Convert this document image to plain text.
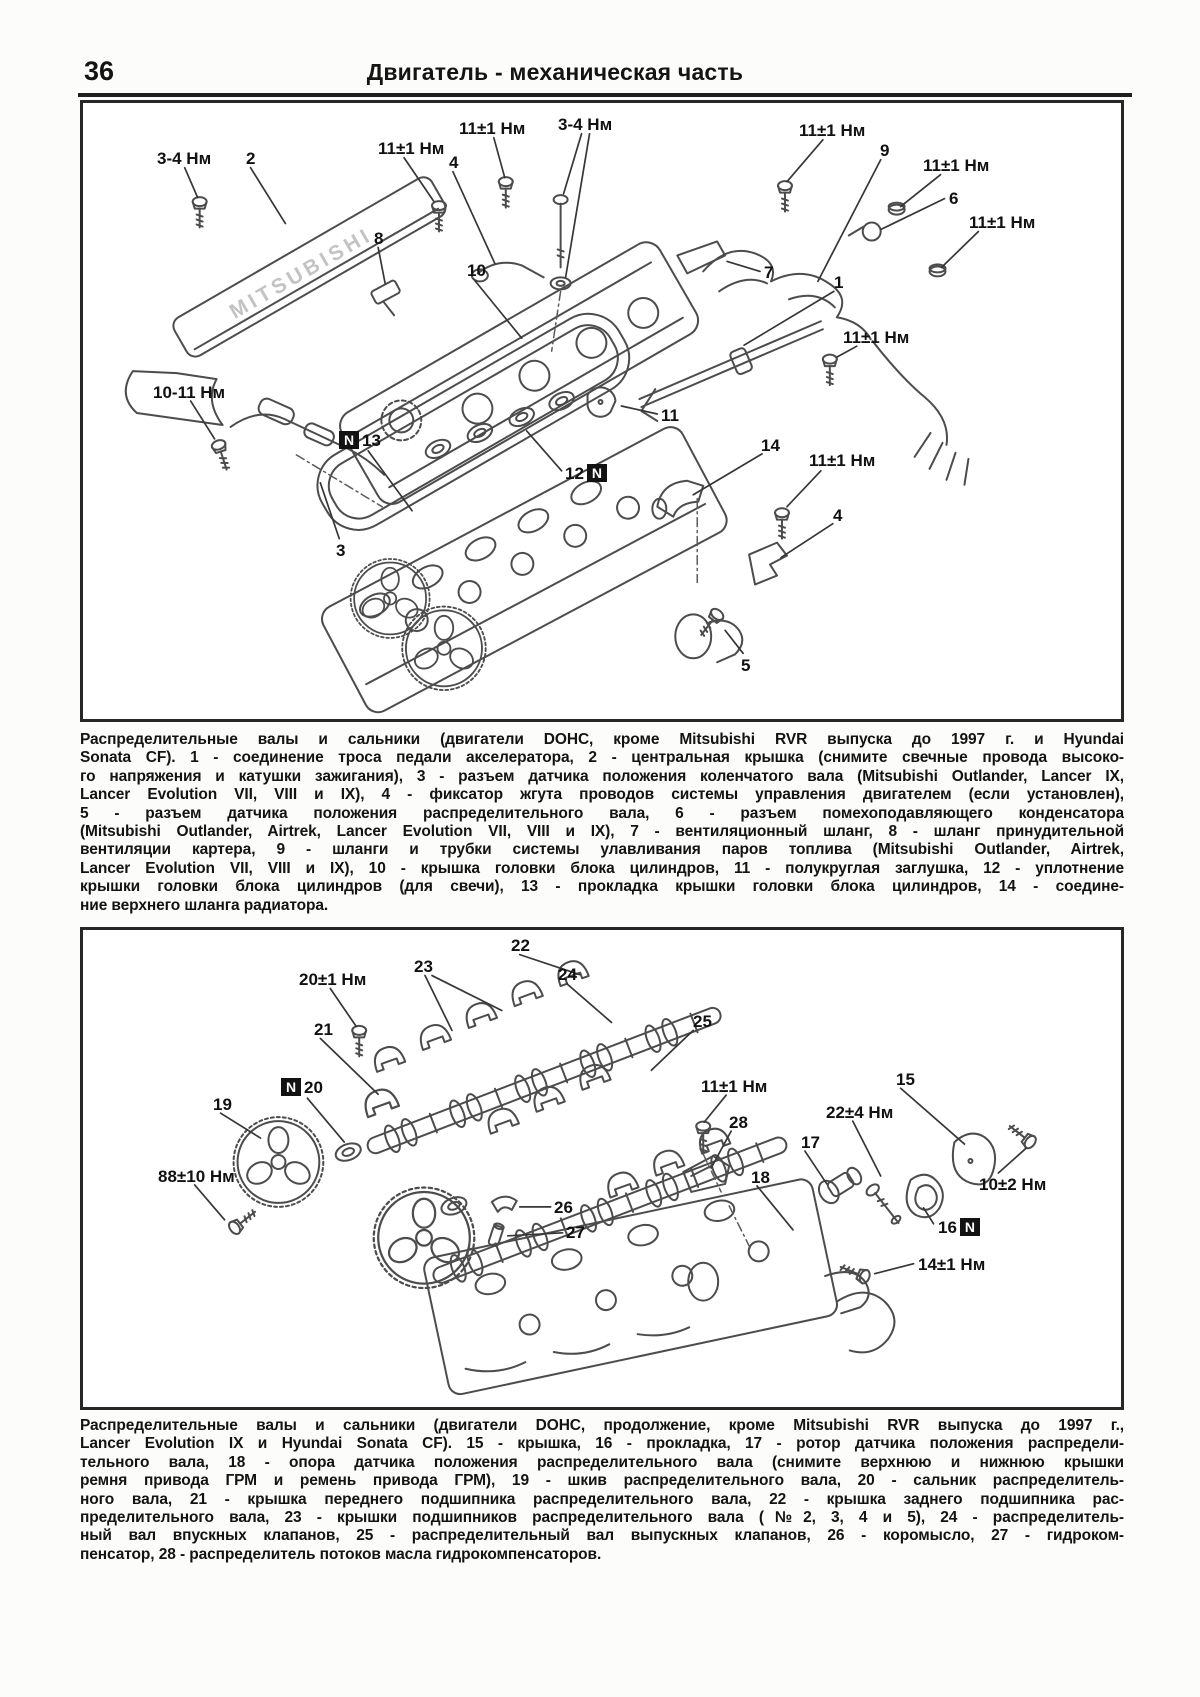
36	Двигатель - механическая часть
MITSUBISHI
3-4 Нм 2
11±1 Нм
4
11±1 Нм 3-4 Нм	11±1 Нм
9
11±1 Нм
6
11±1 Нм
8
10	7
1
11±1 Нм
10-11 Нм
N 13
11
12 N
14
11±1 Нм
4
3
5
Распределительные валы и сальники (двигатели DOHC, кроме Mitsubishi RVR выпуска до 1997 г. и Hyundai
Sonata CF). 1 - соединение троса педали акселератора, 2 - центральная крышка (снимите свечные провода высоко-
го напряжения и катушки зажигания), 3 - разъем датчика положения коленчатого вала (Mitsubishi Outlander, Lancer IX,
Lancer Evolution VII, VIII и IX), 4 - фиксатор жгута проводов системы управления двигателем (если установлен),
5 - разъем датчика положения распределительного вала, 6 - разъем помехоподавляющего конденсатора
(Mitsubishi Outlander, Airtrek, Lancer Evolution VII, VIII и IX), 7 - вентиляционный шланг, 8 - шланг принудительной
вентиляции картера, 9 - шланги и трубки системы улавливания паров топлива (Mitsubishi Outlander, Airtrek,
Lancer Evolution VII, VIII и IX), 10 - крышка головки блока цилиндров, 11 - полукруглая заглушка, 12 - уплотнение
крышки головки блока цилиндров (для свечи), 13 - прокладка крышки головки блока цилиндров, 14 - соедине-
ние верхнего шланга радиатора.
22
23
20±1 Нм	24
21	25
15
11±1 Нм
N 20
19	22±4 Нм
28
17
88±10 Нм	18	10±2 Нм
26
27	16 N
14±1 Нм
Распределительные валы и сальники (двигатели DOHC, продолжение, кроме Mitsubishi RVR выпуска до 1997 г.,
Lancer Evolution IX и Hyundai Sonata CF). 15 - крышка, 16 - прокладка, 17 - ротор датчика положения распредели-
тельного вала, 18 - опора датчика положения распределительного вала (снимите верхнюю и нижнюю крышки
ремня привода ГРМ и ремень привода ГРМ), 19 - шкив распределительного вала, 20 - сальник распределитель-
ного вала, 21 - крышка переднего подшипника распределительного вала, 22 - крышка заднего подшипника рас-
пределительного вала, 23 - крышки подшипников распределительного вала (№2, 3, 4 и 5), 24 - распределитель-
ный вал впускных клапанов, 25 - распределительный вал выпускных клапанов, 26 - коромысло, 27 - гидроком-
пенсатор, 28 - распределитель потоков масла гидрокомпенсаторов.
